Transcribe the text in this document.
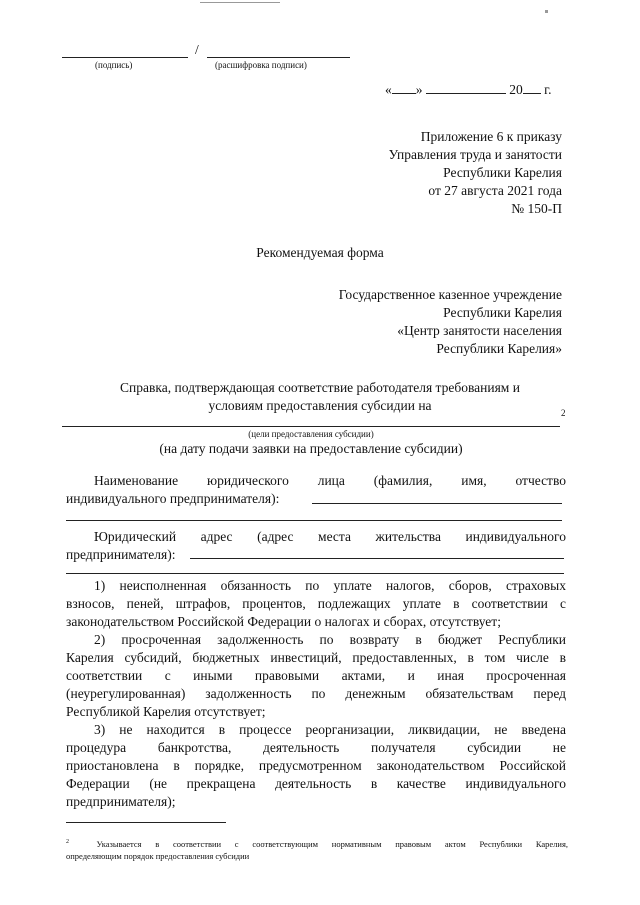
/
(подпись)	(расшифровка подписи)
« »	20 г.
Приложение 6 к приказу
Управления труда и занятости
Республики Карелия
от 27 августа 2021 года
№ 150-П
Рекомендуемая форма
Государственное казенное учреждение
Республики Карелия
«Центр занятости населения
Республики Карелия»
Справка, подтверждающая соответствие работодателя требованиям и
условиям предоставления субсидии на	2
(цели предоставления субсидии)
(на дату подачи заявки на предоставление субсидии)
Наименование юридического лица (фамилия, имя, отчество
индивидуального предпринимателя):
Юридический адрес (адрес места жительства индивидуального
предпринимателя):
1) неисполненная обязанность по уплате налогов, сборов, страховых
взносов, пеней, штрафов, процентов, подлежащих уплате в соответствии с
законодательством Российской Федерации о налогах и сборах, отсутствует;
2) просроченная задолженность по возврату в бюджет Республики
Карелия субсидий, бюджетных инвестиций, предоставленных, в том числе в
соответствии с иными правовыми актами, и иная просроченная
(неурегулированная) задолженность по денежным обязательствам перед
Республикой Карелия отсутствует;
3) не находится в процессе реорганизации, ликвидации, не введена
процедура банкротства, деятельность получателя субсидии не
приостановлена в порядке, предусмотренном законодательством Российской
Федерации (не прекращена деятельность в качестве индивидуального
предпринимателя);
$^2$	Указывается в соответствии с соответствующим нормативным правовым актом Республики Карелия,
определяющим порядок предоставления субсидии
